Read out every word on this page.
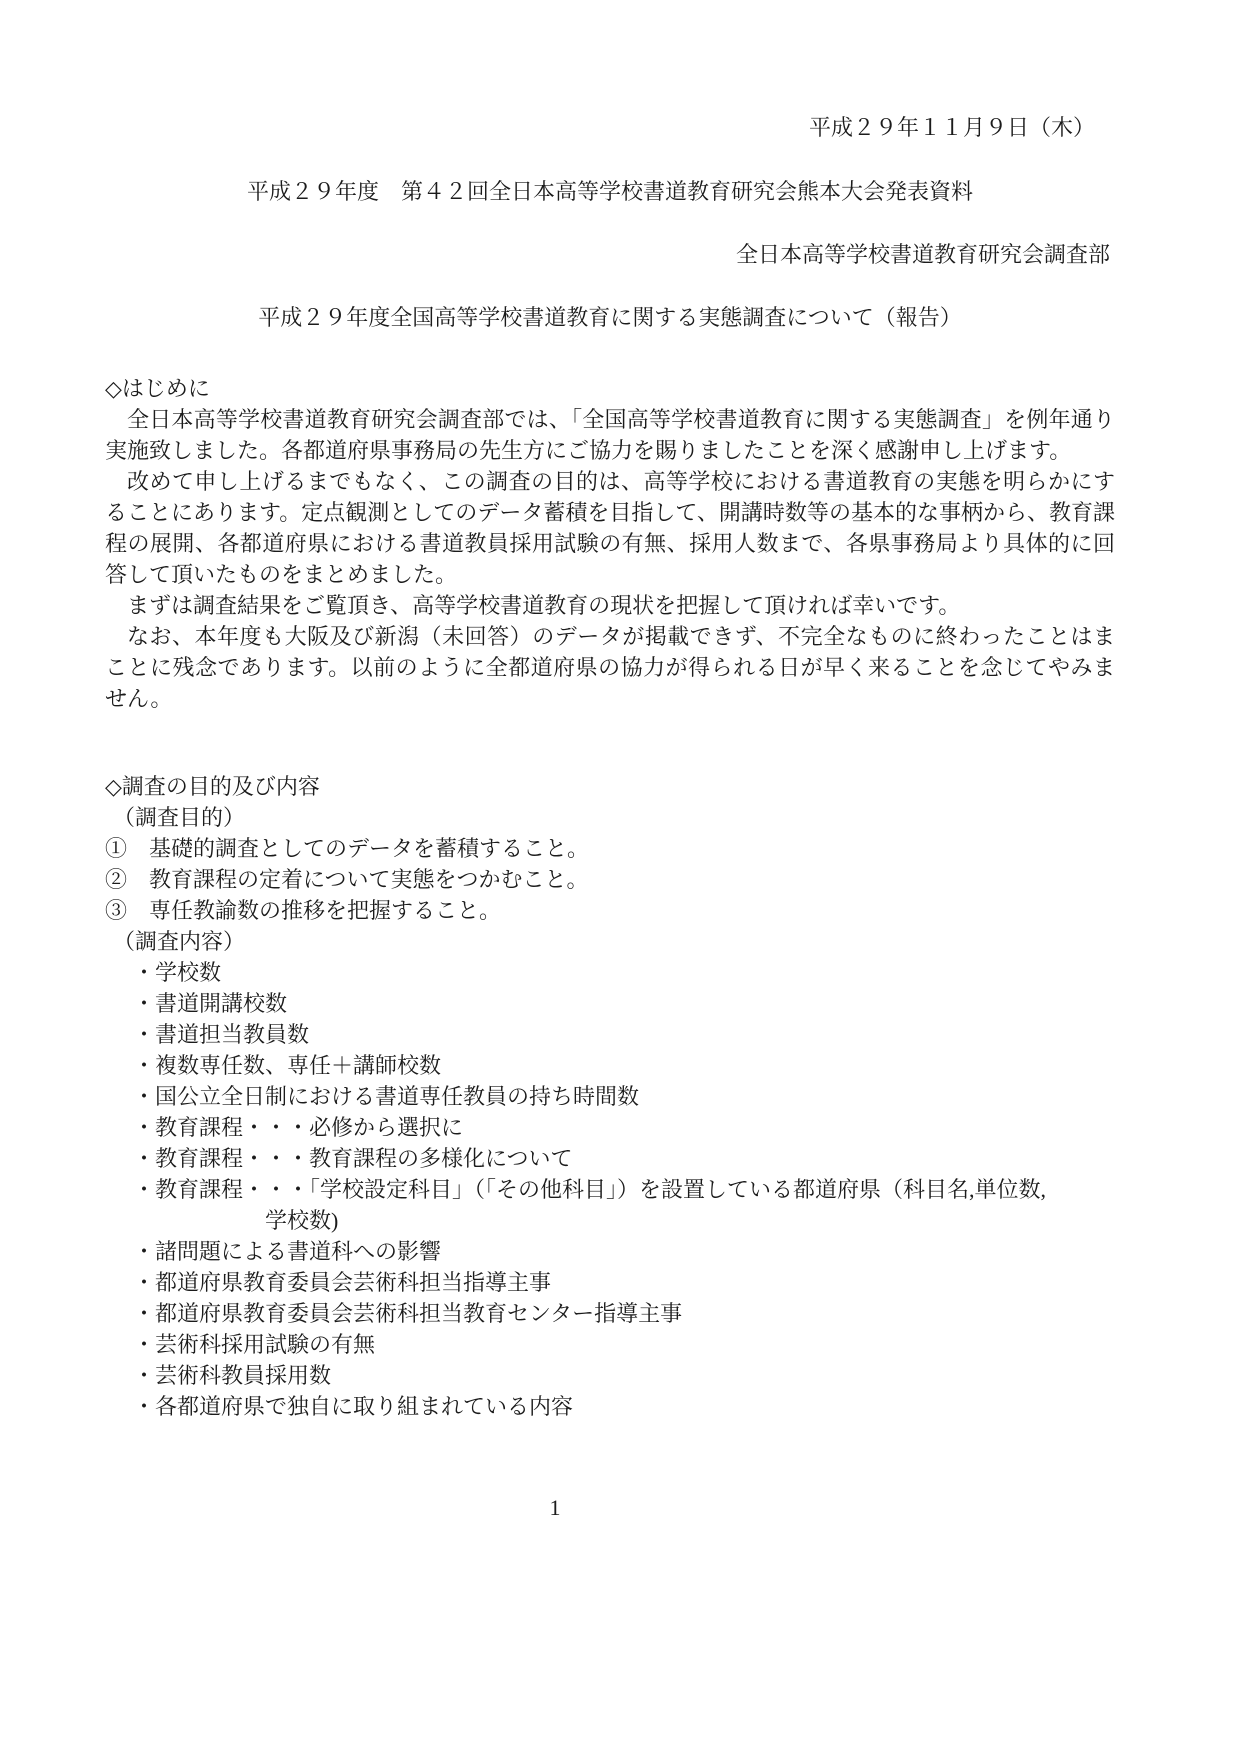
平成２９年１１月９日（木）
平成２９年度　第４２回全日本高等学校書道教育研究会熊本大会発表資料
全日本高等学校書道教育研究会調査部
平成２９年度全国高等学校書道教育に関する実態調査について（報告）
◇はじめに

全日本高等学校書道教育研究会調査部では、「全国高等学校書道教育に関する実態調査」を例年通り実施致しました。各都道府県事務局の先生方にご協力を賜りましたことを深く感謝申し上げます。

改めて申し上げるまでもなく、この調査の目的は、高等学校における書道教育の実態を明らかにすることにあります。定点観測としてのデータ蓄積を目指して、開講時数等の基本的な事柄から、教育課程の展開、各都道府県における書道教員採用試験の有無、採用人数まで、各県事務局より具体的に回答して頂いたものをまとめました。

まずは調査結果をご覧頂き、高等学校書道教育の現状を把握して頂ければ幸いです。

なお、本年度も大阪及び新潟（未回答）のデータが掲載できず、不完全なものに終わったことはまことに残念であります。以前のように全都道府県の協力が得られる日が早く来ることを念じてやみません。

◇調査の目的及び内容
（調査目的）
①　基礎的調査としてのデータを蓄積すること。
②　教育課程の定着について実態をつかむこと。
③　専任教諭数の推移を把握すること。
（調査内容）
・学校数
・書道開講校数
・書道担当教員数
・複数専任数、専任＋講師校数
・国公立全日制における書道専任教員の持ち時間数
・教育課程・・・必修から選択に
・教育課程・・・教育課程の多様化について
・教育課程・・・「学校設定科目」（「その他科目」）を設置している都道府県（科目名,単位数,
学校数)
・諸問題による書道科への影響
・都道府県教育委員会芸術科担当指導主事
・都道府県教育委員会芸術科担当教育センター指導主事
・芸術科採用試験の有無
・芸術科教員採用数
・各都道府県で独自に取り組まれている内容
1
